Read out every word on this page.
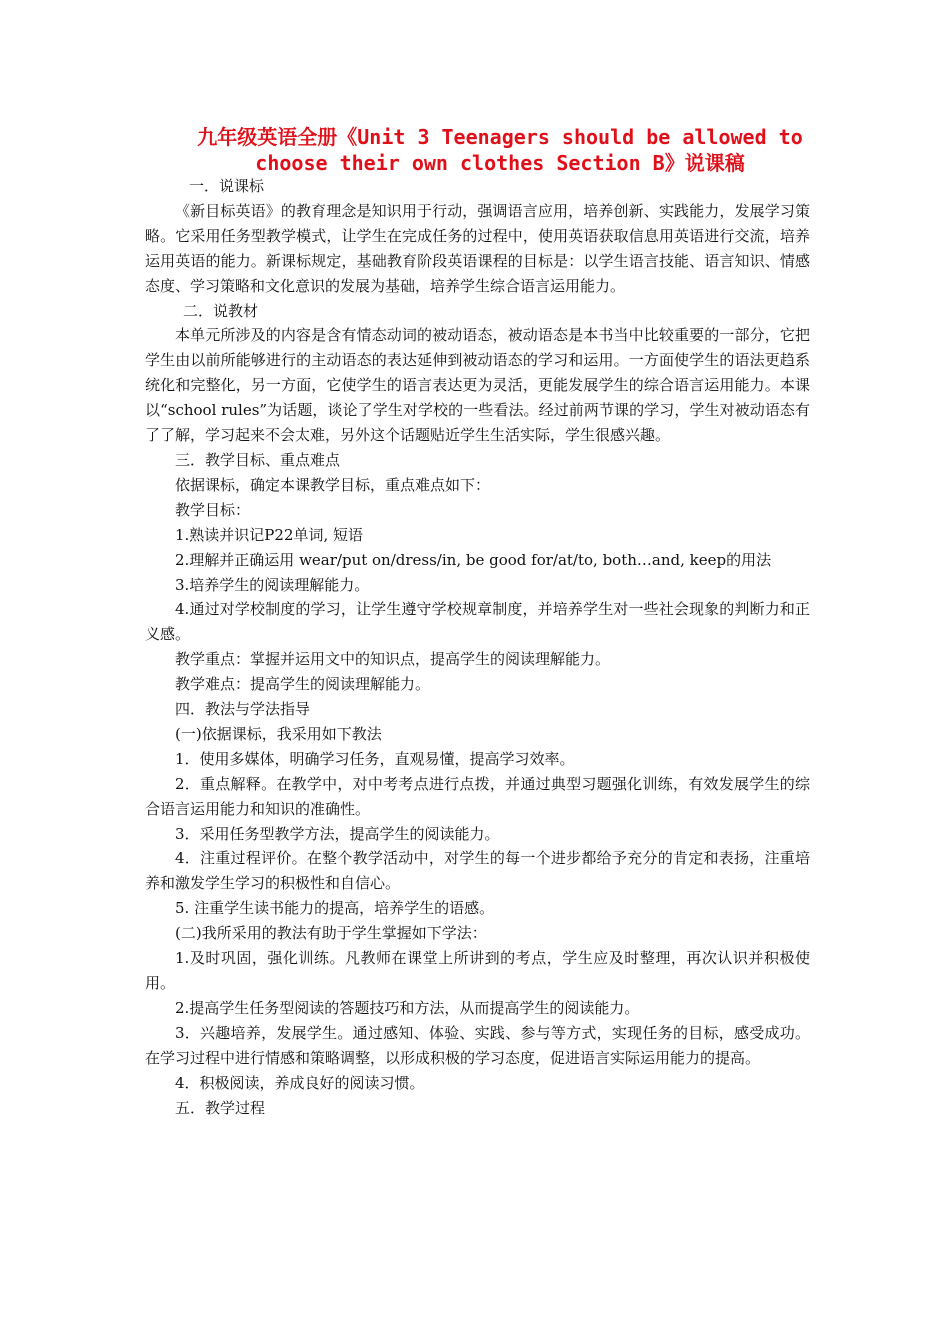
九年级英语全册《Unit 3 Teenagers should be allowed to
choose their own clothes Section B》说课稿

一．说课标

《新目标英语》的教育理念是知识用于行动，强调语言应用，培养创新、实践能力，发展学习策略。它采用任务型教学模式，让学生在完成任务的过程中，使用英语获取信息用英语进行交流，培养运用英语的能力。新课标规定，基础教育阶段英语课程的目标是：以学生语言技能、语言知识、情感态度、学习策略和文化意识的发展为基础，培养学生综合语言运用能力。

二．说教材

本单元所涉及的内容是含有情态动词的被动语态，被动语态是本书当中比较重要的一部分，它把学生由以前所能够进行的主动语态的表达延伸到被动语态的学习和运用。一方面使学生的语法更趋系统化和完整化，另一方面，它使学生的语言表达更为灵活，更能发展学生的综合语言运用能力。本课以“school rules”为话题，谈论了学生对学校的一些看法。经过前两节课的学习，学生对被动语态有了了解，学习起来不会太难，另外这个话题贴近学生生活实际，学生很感兴趣。

三．教学目标、重点难点

依据课标，确定本课教学目标，重点难点如下：

教学目标：

1.熟读并识记P22单词, 短语

2.理解并正确运用 wear/put on/dress/in, be good for/at/to, both…and, keep的用法

3.培养学生的阅读理解能力。

4.通过对学校制度的学习，让学生遵守学校规章制度，并培养学生对一些社会现象的判断力和正义感。

教学重点：掌握并运用文中的知识点，提高学生的阅读理解能力。

教学难点：提高学生的阅读理解能力。

四．教法与学法指导

(一)依据课标，我采用如下教法

1．使用多媒体，明确学习任务，直观易懂，提高学习效率。

2．重点解释。在教学中，对中考考点进行点拨，并通过典型习题强化训练，有效发展学生的综合语言运用能力和知识的准确性。

3．采用任务型教学方法，提高学生的阅读能力。

4．注重过程评价。在整个教学活动中，对学生的每一个进步都给予充分的肯定和表扬，注重培养和激发学生学习的积极性和自信心。

5. 注重学生读书能力的提高，培养学生的语感。

(二)我所采用的教法有助于学生掌握如下学法：

1.及时巩固，强化训练。凡教师在课堂上所讲到的考点，学生应及时整理，再次认识并积极使用。

2.提高学生任务型阅读的答题技巧和方法，从而提高学生的阅读能力。

3．兴趣培养，发展学生。通过感知、体验、实践、参与等方式，实现任务的目标，感受成功。在学习过程中进行情感和策略调整，以形成积极的学习态度，促进语言实际运用能力的提高。

4．积极阅读，养成良好的阅读习惯。

五．教学过程
